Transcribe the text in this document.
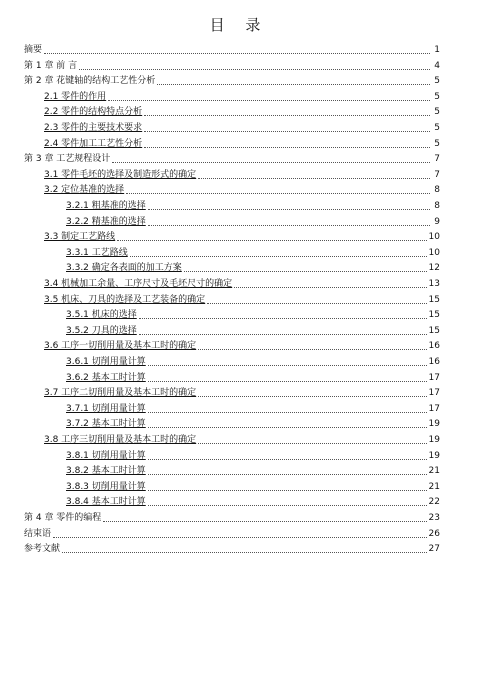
目 录
摘要	1
第 1 章 前 言	4
第 2 章 花键轴的结构工艺性分析	5
2.1 零件的作用	5
2.2 零件的结构特点分析	5
2.3 零件的主要技术要求	5
2.4 零件加工工艺性分析	5
第 3 章 工艺规程设计	7
3.1 零件毛坯的选择及制造形式的确定	7
3.2 定位基准的选择	8
3.2.1 粗基准的选择	8
3.2.2 精基准的选择	9
3.3 制定工艺路线	10
3.3.1 工艺路线	10
3.3.2 确定各表面的加工方案	12
3.4 机械加工余量、工序尺寸及毛坯尺寸的确定	13
3.5 机床、刀具的选择及工艺装备的确定	15
3.5.1 机床的选择	15
3.5.2 刀具的选择	15
3.6 工序一切削用量及基本工时的确定	16
3.6.1 切削用量计算	16
3.6.2 基本工时计算	17
3.7 工序二切削用量及基本工时的确定	17
3.7.1 切削用量计算	17
3.7.2 基本工时计算	19
3.8 工序三切削用量及基本工时的确定	19
3.8.1 切削用量计算	19
3.8.2 基本工时计算	21
3.8.3 切削用量计算	21
3.8.4 基本工时计算	22
第 4 章 零件的编程	23
结束语	26
参考文献	27
